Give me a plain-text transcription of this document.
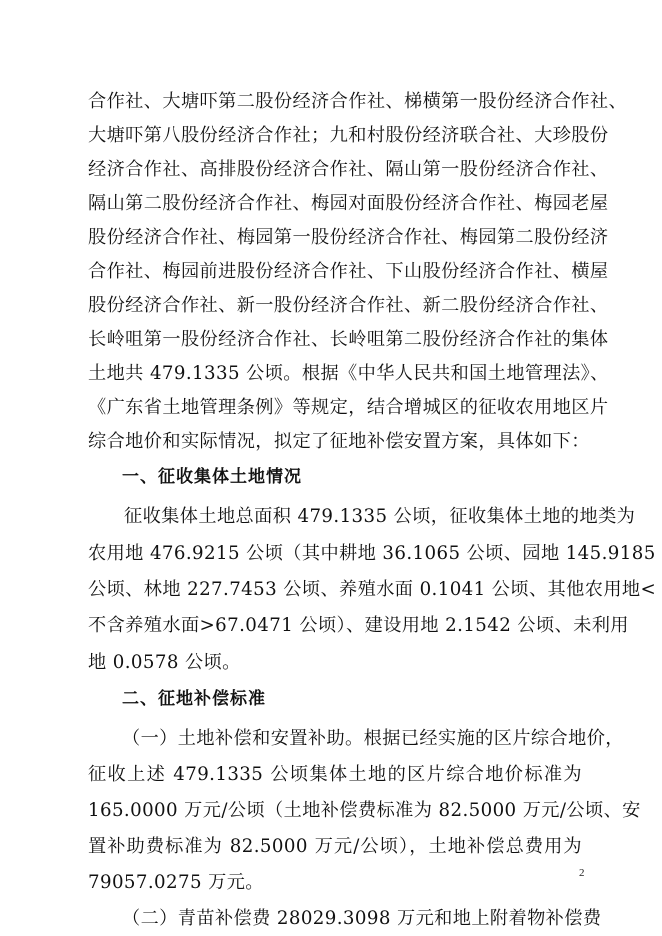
合作社、大塘吓第二股份经济合作社、梯横第一股份经济合作社、
大塘吓第八股份经济合作社；九和村股份经济联合社、大珍股份
经济合作社、高排股份经济合作社、隔山第一股份经济合作社、
隔山第二股份经济合作社、梅园对面股份经济合作社、梅园老屋
股份经济合作社、梅园第一股份经济合作社、梅园第二股份经济
合作社、梅园前进股份经济合作社、下山股份经济合作社、横屋
股份经济合作社、新一股份经济合作社、新二股份经济合作社、
长岭咀第一股份经济合作社、长岭咀第二股份经济合作社的集体
土地共 479.1335 公顷。根据《中华人民共和国土地管理法》、
《广东省土地管理条例》等规定，结合增城区的征收农用地区片
综合地价和实际情况，拟定了征地补偿安置方案，具体如下：
一、征收集体土地情况
征收集体土地总面积 479.1335 公顷，征收集体土地的地类为
农用地 476.9215 公顷（其中耕地 36.1065 公顷、园地 145.9185
公顷、林地 227.7453 公顷、养殖水面 0.1041 公顷、其他农用地<
不含养殖水面>67.0471 公顷）、建设用地 2.1542 公顷、未利用
地 0.0578 公顷。
二、征地补偿标准
（一）土地补偿和安置补助。根据已经实施的区片综合地价，
征收上述 479.1335 公顷集体土地的区片综合地价标准为
165.0000 万元/公顷（土地补偿费标准为 82.5000 万元/公顷、安
置补助费标准为 82.5000 万元/公顷），土地补偿总费用为
79057.0275 万元。
（二）青苗补偿费 28029.3098 万元和地上附着物补偿费
2
